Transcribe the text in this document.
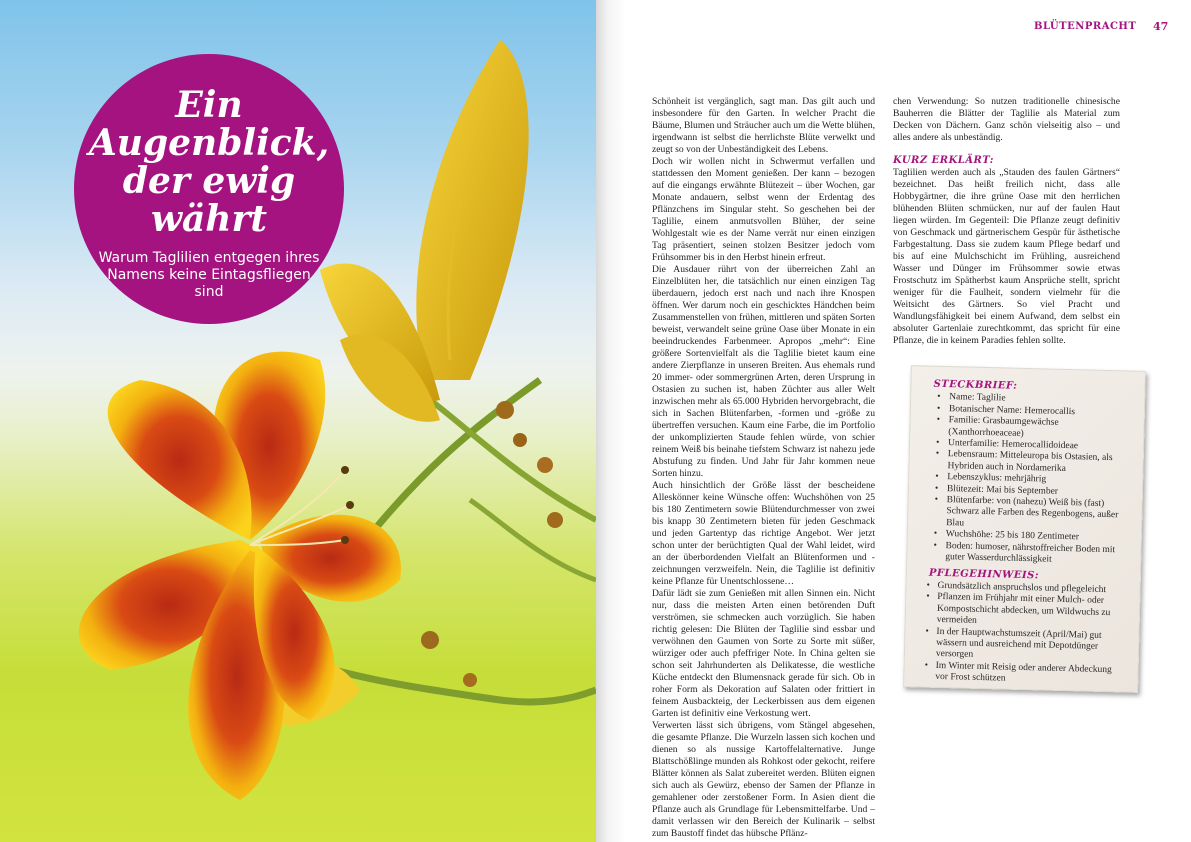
Ein Augenblick, der ewig währt

Warum Taglilien entgegen ihres Namens keine Eintagsfliegen sind

BLÜTENPRACHT 47

Schönheit ist vergänglich, sagt man. Das gilt auch und insbesondere für den Garten. In welcher Pracht die Bäume, Blumen und Sträucher auch um die Wette blühen, irgendwann ist selbst die herrlichste Blüte verwelkt und zeugt so von der Unbeständigkeit des Lebens.

Doch wir wollen nicht in Schwermut verfallen und stattdessen den Moment genießen. Der kann – bezogen auf die eingangs erwähnte Blütezeit – über Wochen, gar Monate andauern, selbst wenn der Erdentag des Pflänzchens im Singular steht. So geschehen bei der Taglilie, einem anmutsvollen Blüher, der seine Wohlgestalt wie es der Name verrät nur einen einzigen Tag präsentiert, seinen stolzen Besitzer jedoch vom Frühsommer bis in den Herbst hinein erfreut.

Die Ausdauer rührt von der überreichen Zahl an Einzelblüten her, die tatsächlich nur einen einzigen Tag überdauern, jedoch erst nach und nach ihre Knospen öffnen. Wer darum noch ein geschicktes Händchen beim Zusammenstellen von frühen, mittleren und späten Sorten beweist, verwandelt seine grüne Oase über Monate in ein beeindruckendes Farbenmeer. Apropos „mehr“: Eine größere Sortenvielfalt als die Taglilie bietet kaum eine andere Zierpflanze in unseren Breiten. Aus ehemals rund 20 immer- oder sommergrünen Arten, deren Ursprung in Ostasien zu suchen ist, haben Züchter aus aller Welt inzwischen mehr als 65.000 Hybriden hervorgebracht, die sich in Sachen Blütenfarben, -formen und -größe zu übertreffen versuchen. Kaum eine Farbe, die im Portfolio der unkomplizierten Staude fehlen würde, von schier reinem Weiß bis beinahe tiefstem Schwarz ist nahezu jede Abstufung zu finden. Und Jahr für Jahr kommen neue Sorten hinzu.

Auch hinsichtlich der Größe lässt der bescheidene Alleskönner keine Wünsche offen: Wuchshöhen von 25 bis 180 Zentimetern sowie Blütendurchmesser von zwei bis knapp 30 Zentimetern bieten für jeden Geschmack und jeden Gartentyp das richtige Angebot. Wer jetzt schon unter der berüchtigten Qual der Wahl leidet, wird an der überbordenden Vielfalt an Blütenformen und -zeichnungen verzweifeln. Nein, die Taglilie ist definitiv keine Pflanze für Unentschlossene…

Dafür lädt sie zum Genießen mit allen Sinnen ein. Nicht nur, dass die meisten Arten einen betörenden Duft verströmen, sie schmecken auch vorzüglich. Sie haben richtig gelesen: Die Blüten der Taglilie sind essbar und verwöhnen den Gaumen von Sorte zu Sorte mit süßer, würziger oder auch pfeffriger Note. In China gelten sie schon seit Jahrhunderten als Delikatesse, die westliche Küche entdeckt den Blumensnack gerade für sich. Ob in roher Form als Dekoration auf Salaten oder frittiert in feinem Ausbackteig, der Leckerbissen aus dem eigenen Garten ist definitiv eine Verkostung wert.

Verwerten lässt sich übrigens, vom Stängel abgesehen, die gesamte Pflanze. Die Wurzeln lassen sich kochen und dienen so als nussige Kartoffelalternative. Junge Blattschößlinge munden als Rohkost oder gekocht, reifere Blätter können als Salat zubereitet werden. Blüten eignen sich auch als Gewürz, ebenso der Samen der Pflanze in gemahlener oder zerstoßener Form. In Asien dient die Pflanze auch als Grundlage für Lebensmittelfarbe. Und – damit verlassen wir den Bereich der Kulinarik – selbst zum Baustoff findet das hübsche Pflänz-

chen Verwendung: So nutzen traditionelle chinesische Bauherren die Blätter der Taglilie als Material zum Decken von Dächern. Ganz schön vielseitig also – und alles andere als unbeständig.

KURZ ERKLÄRT:

Taglilien werden auch als „Stauden des faulen Gärtners“ bezeichnet. Das heißt freilich nicht, dass alle Hobbygärtner, die ihre grüne Oase mit den herrlichen blühenden Blüten schmücken, nur auf der faulen Haut liegen würden. Im Gegenteil: Die Pflanze zeugt definitiv von Geschmack und gärtnerischem Gespür für ästhetische Farbgestaltung. Dass sie zudem kaum Pflege bedarf und bis auf eine Mulchschicht im Frühling, ausreichend Wasser und Dünger im Frühsommer sowie etwas Frostschutz im Spätherbst kaum Ansprüche stellt, spricht weniger für die Faulheit, sondern vielmehr für die Weitsicht des Gärtners. So viel Pracht und Wandlungsfähigkeit bei einem Aufwand, dem selbst ein absoluter Gartenlaie zurechtkommt, das spricht für eine Pflanze, die in keinem Paradies fehlen sollte.

STECKBRIEF:
• Name: Taglilie
• Botanischer Name: Hemerocallis
• Familie: Grasbaumgewächse (Xanthorrhoeaceae)
• Unterfamilie: Hemerocallidoideae
• Lebensraum: Mitteleuropa bis Ostasien, als Hybriden auch in Nordamerika
• Lebenszyklus: mehrjährig
• Blütezeit: Mai bis September
• Blütenfarbe: von (nahezu) Weiß bis (fast) Schwarz alle Farben des Regenbogens, außer Blau
• Wuchshöhe: 25 bis 180 Zentimeter
• Boden: humoser, nährstoffreicher Boden mit guter Wasserdurchlässigkeit
PFLEGEHINWEIS:
• Grundsätzlich anspruchslos und pflegeleicht
• Pflanzen im Frühjahr mit einer Mulch- oder Komposts​chicht abdecken, um Wildwuchs zu vermeiden
• In der Hauptwachstumszeit (April/Mai) gut wässern und ausreichend mit Depotdünger versorgen
• Im Winter mit Reisig oder anderer Abdeckung vor Frost schützen
